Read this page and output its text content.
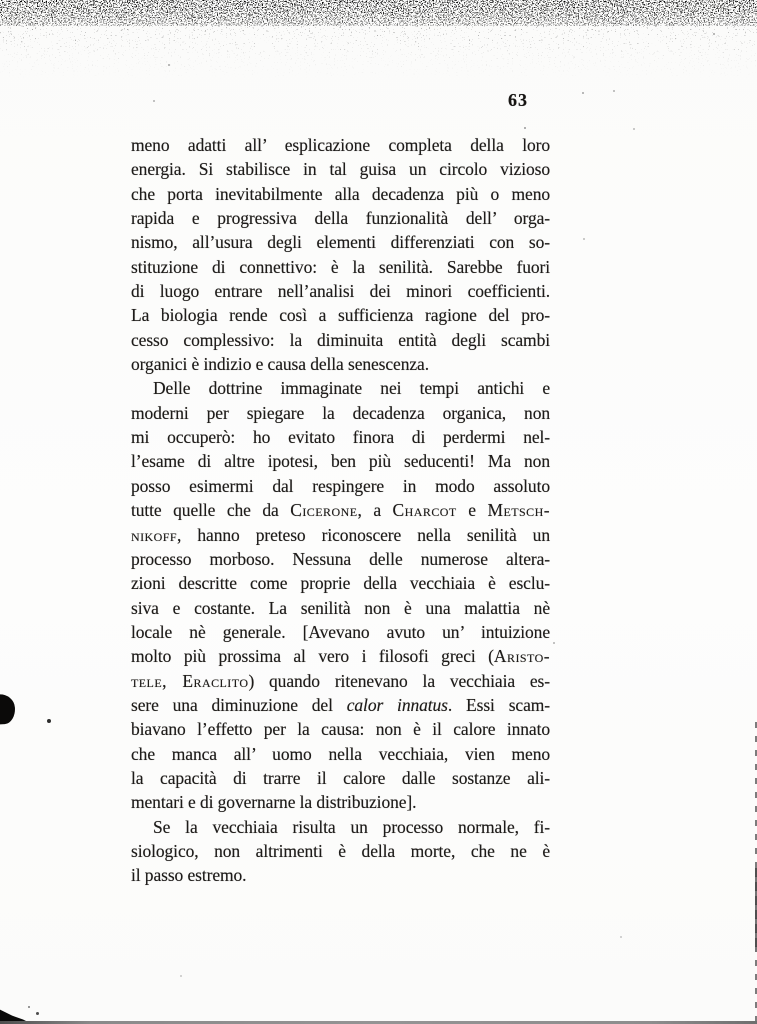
63
meno adatti all’ esplicazione completa della loro
energia. Si stabilisce in tal guisa un circolo vizioso
che porta inevitabilmente alla decadenza più o meno
rapida e progressiva della funzionalità dell’ orga-
nismo, all’usura degli elementi differenziati con so-
stituzione di connettivo: è la senilità. Sarebbe fuori
di luogo entrare nell’analisi dei minori coefficienti.
La biologia rende così a sufficienza ragione del pro-
cesso complessivo: la diminuita entità degli scambi
organici è indizio e causa della senescenza.
Delle dottrine immaginate nei tempi antichi e
moderni per spiegare la decadenza organica, non
mi occuperò: ho evitato finora di perdermi nel-
l’esame di altre ipotesi, ben più seducenti! Ma non
posso esimermi dal respingere in modo assoluto
tutte quelle che da Cicerone, a Charcot e Metsch-
nikoff, hanno preteso riconoscere nella senilità un
processo morboso. Nessuna delle numerose altera-
zioni descritte come proprie della vecchiaia è esclu-
siva e costante. La senilità non è una malattia nè
locale nè generale. [Avevano avuto un’ intuizione
molto più prossima al vero i filosofi greci (Aristo-
tele, Eraclito) quando ritenevano la vecchiaia es-
sere una diminuzione del calor innatus. Essi scam-
biavano l’effetto per la causa: non è il calore innato
che manca all’ uomo nella vecchiaia, vien meno
la capacità di trarre il calore dalle sostanze ali-
mentari e di governarne la distribuzione].
Se la vecchiaia risulta un processo normale, fi-
siologico, non altrimenti è della morte, che ne è
il passo estremo.
